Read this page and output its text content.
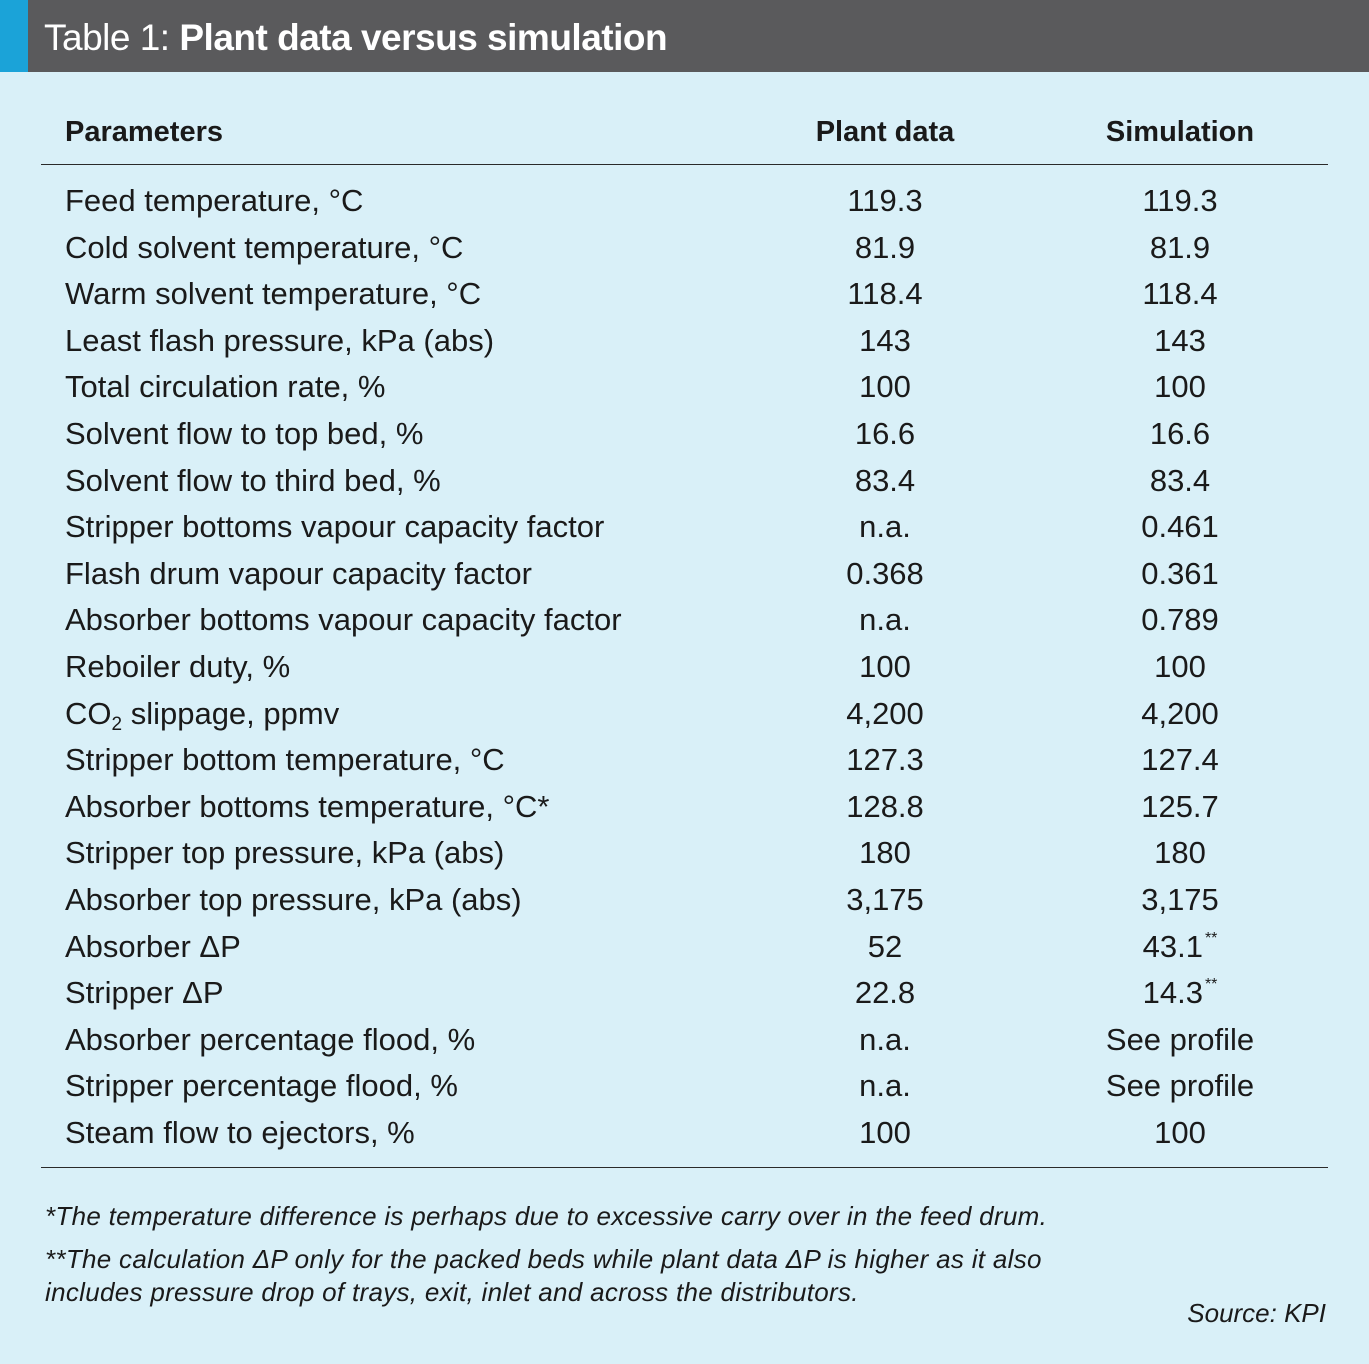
Table 1: Plant data versus simulation
Parameters	Plant data	Simulation
Feed temperature, °C	119.3	119.3
Cold solvent temperature, °C	81.9	81.9
Warm solvent temperature, °C	118.4	118.4
Least flash pressure, kPa (abs)	143	143
Total circulation rate, %	100	100
Solvent flow to top bed, %	16.6	16.6
Solvent flow to third bed, %	83.4	83.4
Stripper bottoms vapour capacity factor	n.a.	0.461
Flash drum vapour capacity factor	0.368	0.361
Absorber bottoms vapour capacity factor	n.a.	0.789
Reboiler duty, %	100	100
$CO_2$ slippage, ppmv	4,200	4,200
Stripper bottom temperature, °C	127.3	127.4
Absorber bottoms temperature, °C*	128.8	125.7
Stripper top pressure, kPa (abs)	180	180
Absorber top pressure, kPa (abs)	3,175	3,175
Absorber ΔP	52	43.1 **
Stripper ΔP	22.8	14.3 **
Absorber percentage flood, %	n.a.	See profile
Stripper percentage flood, %	n.a.	See profile
Steam flow to ejectors, %	100	100

*The temperature difference is perhaps due to excessive carry over in the feed drum.

**The calculation ΔP only for the packed beds while plant data ΔP is higher as it also

includes pressure drop of trays, exit, inlet and across the distributors.

Source: KPI
